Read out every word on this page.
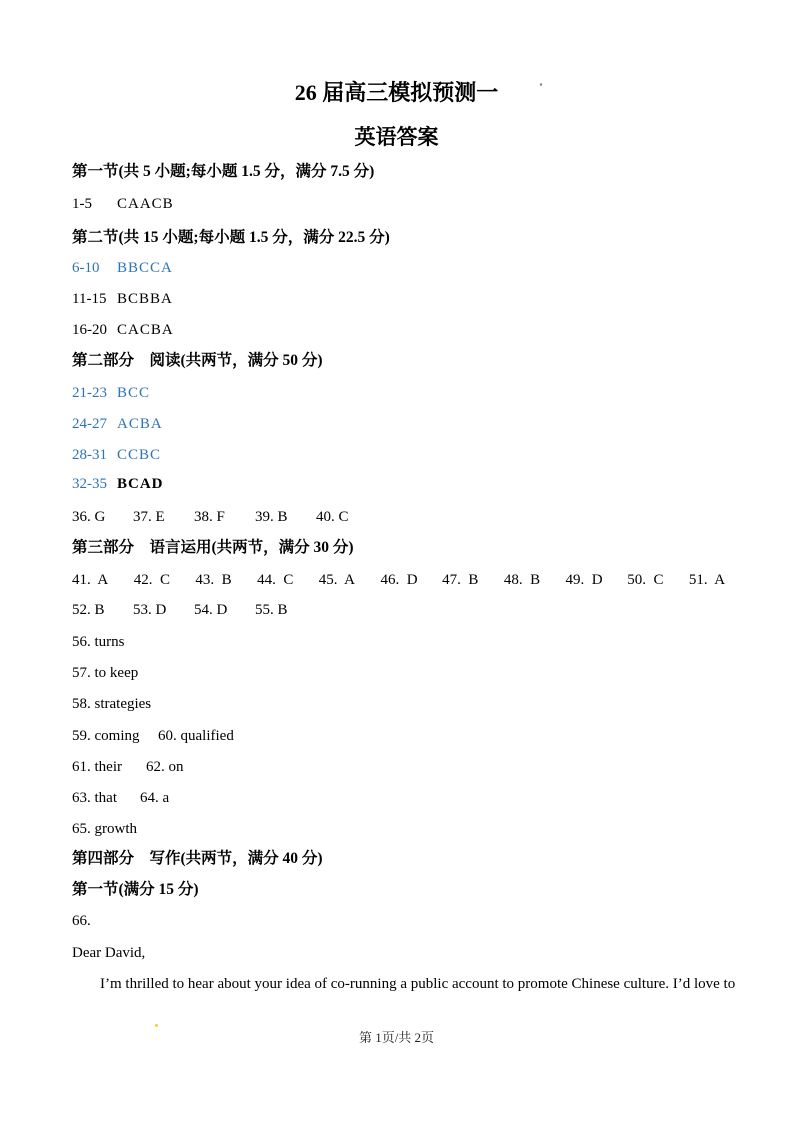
26 届高三模拟预测一
英语答案
第一节(共 5 小题;每小题 1.5 分，满分 7.5 分)
1-5 CAACB
第二节(共 15 小题;每小题 1.5 分，满分 22.5 分)
6-10 BBCCA
11-15 BCBBA
16-20 CACBA
第二部分　阅读(共两节，满分 50 分)
21-23 BCC
24-27 ACBA
28-31 CCBC
32-35 BCAD
36. G	37. E	38. F	39. B	40. C
第三部分　语言运用(共两节，满分 30 分)
41.  A	42.  C	43.  B	44.  C	45.  A	46.  D	47.  B	48.  B	49.  D	50.  C	51.  A
52. B	53. D	54. D	55. B
56. turns
57. to keep
58. strategies
59. coming 60. qualified
61. their 62. on
63. that 64. a
65. growth
第四部分　写作(共两节，满分 40 分)
第一节(满分 15 分)
66.
Dear David,
I’m thrilled to hear about your idea of co-running a public account to promote Chinese culture. I’d love to
第 1页/共 2页
